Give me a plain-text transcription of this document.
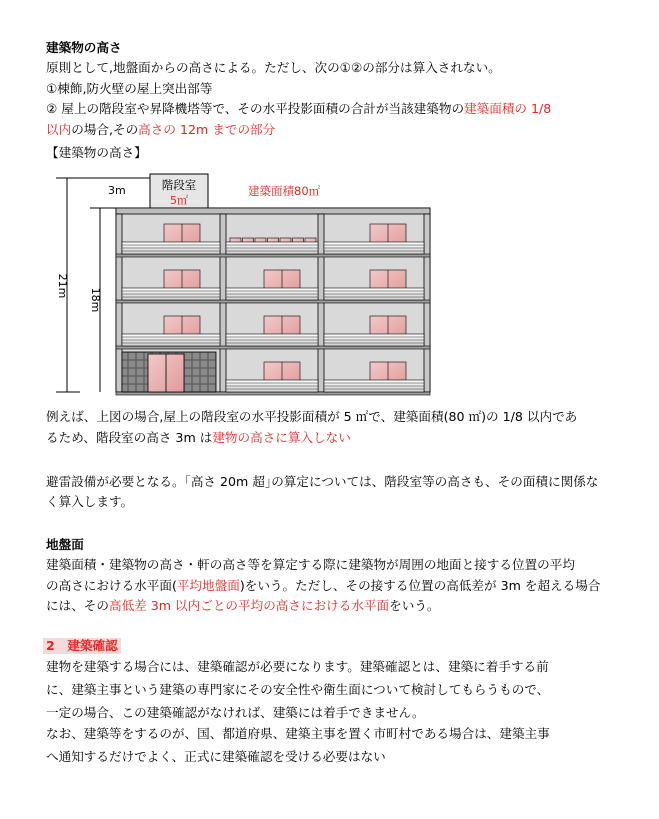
建築物の高さ
原則として,地盤面からの高さによる。ただし、次の①②の部分は算入されない。
①棟飾,防火壁の屋上突出部等
② 屋上の階段室や昇降機塔等で、その水平投影面積の合計が当該建築物の建築面積の 1/8
以内の場合,その高さの 12m までの部分
【建築物の高さ】
21m
18m
3m	階段室
5㎡
建築面積80㎡
例えば、上図の場合,屋上の階段室の水平投影面積が 5 ㎡で、建築面積(80 ㎡)の 1/8 以内であ
るため、階段室の高さ 3m は建物の高さに算入しない
避雷設備が必要となる。｢高さ 20m 超｣の算定については、階段室等の高さも、その面積に関係な
く算入します。
地盤面
建築面積・建築物の高さ・軒の高さ等を算定する際に建築物が周囲の地面と接する位置の平均
の高さにおける水平面(平均地盤面)をいう。ただし、その接する位置の高低差が 3m を超える場合
には、その高低差 3m 以内ごとの平均の高さにおける水平面をいう。
2　建築確認
建物を建築する場合には、建築確認が必要になります。建築確認とは、建築に着手する前
に、建築主事という建築の専門家にその安全性や衛生面について検討してもらうもので、
一定の場合、この建築確認がなければ、建築には着手できません。
なお、建築等をするのが、国、都道府県、建築主事を置く市町村である場合は、建築主事
へ通知するだけでよく、正式に建築確認を受ける必要はない
